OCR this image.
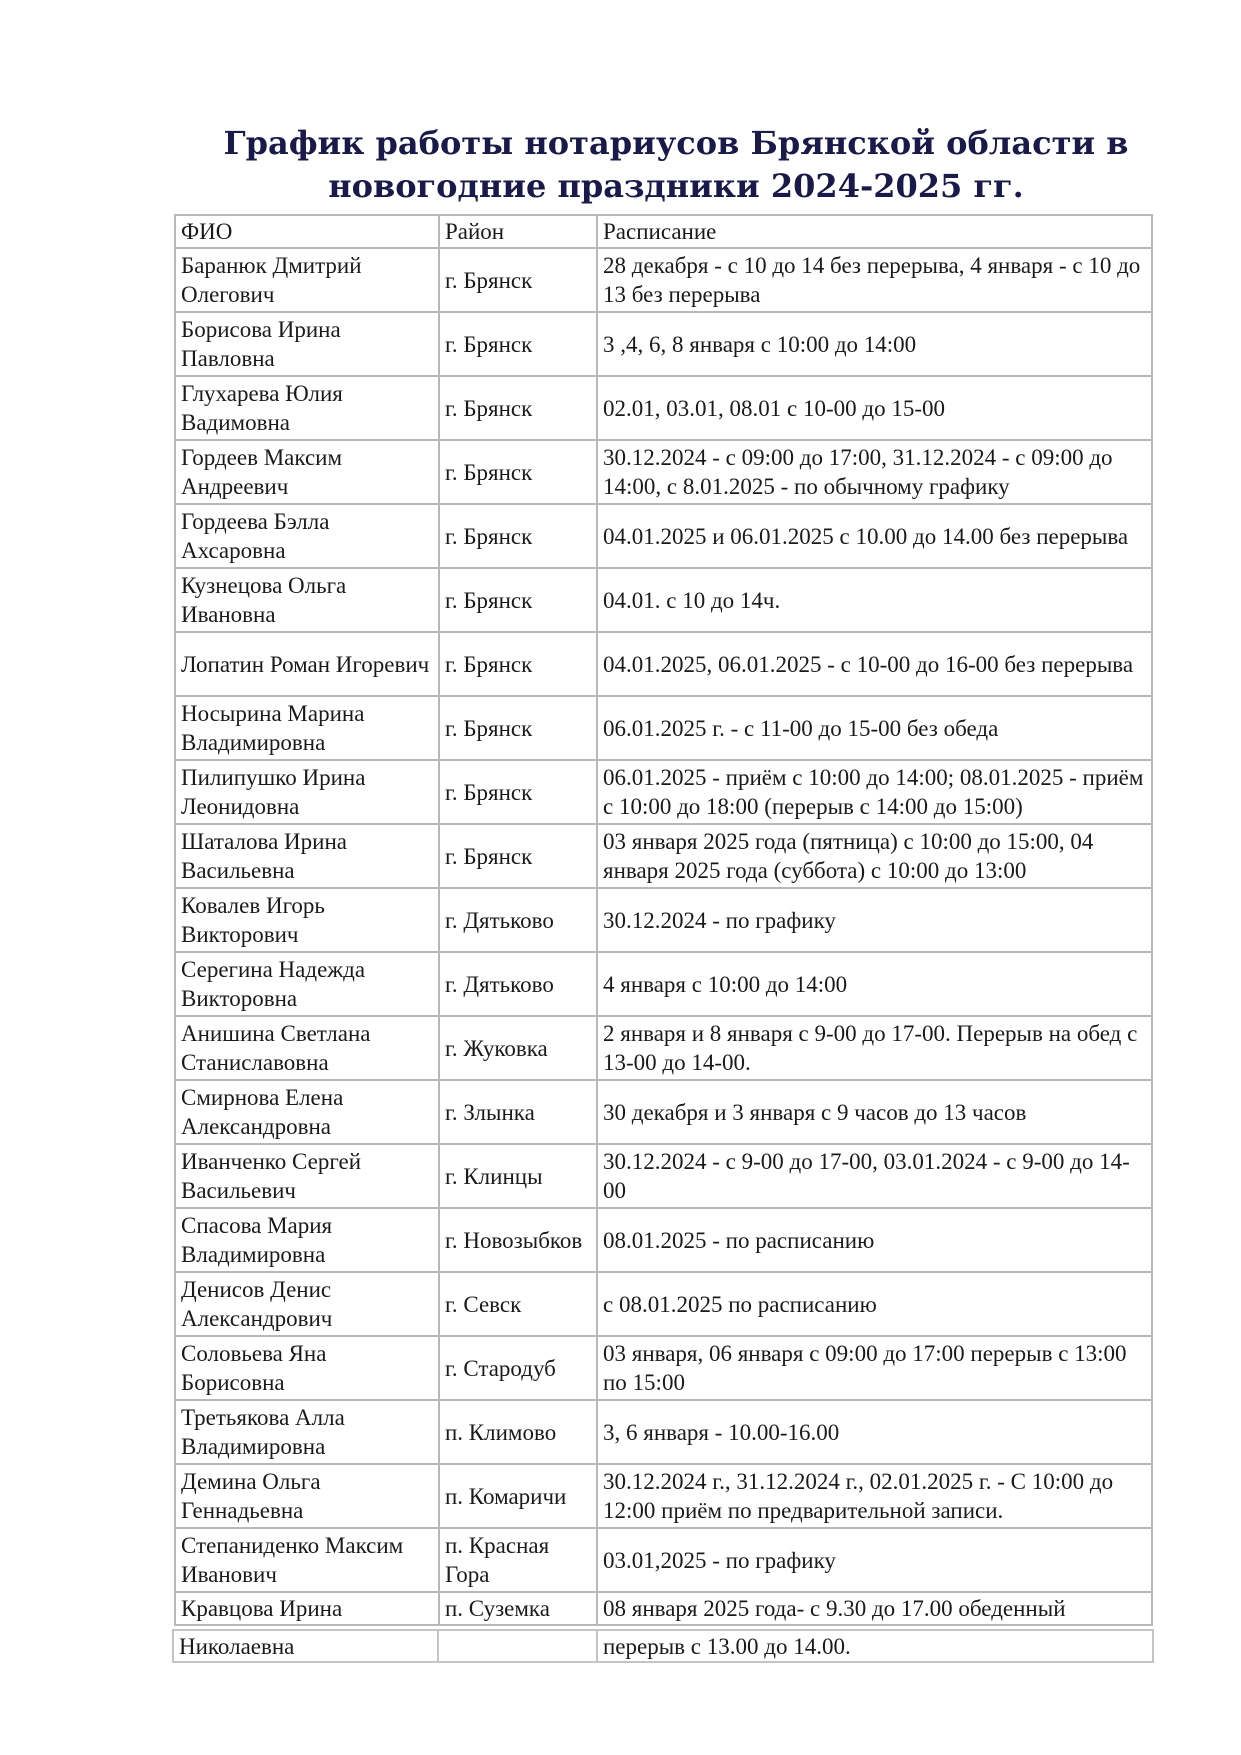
График работы нотариусов Брянской области в
новогодние праздники 2024-2025 гг.
ФИО	Район	Расписание
Баранюк Дмитрий Олегович	г. Брянск	28 декабря - с 10 до 14 без перерыва, 4 января - с 10 до 13 без перерыва
Борисова Ирина Павловна	г. Брянск	3 ,4, 6, 8 января с 10:00 до 14:00
Глухарева Юлия Вадимовна	г. Брянск	02.01, 03.01, 08.01 с 10-00 до 15-00
Гордеев Максим Андреевич	г. Брянск	30.12.2024 - с 09:00 до 17:00, 31.12.2024 - с 09:00 до 14:00, с 8.01.2025 - по обычному графику
Гордеева Бэлла Ахсаровна	г. Брянск	04.01.2025 и 06.01.2025 с 10.00 до 14.00 без перерыва
Кузнецова Ольга Ивановна	г. Брянск	04.01. с 10 до 14ч.
Лопатин Роман Игоревич	г. Брянск	04.01.2025, 06.01.2025 - с 10-00 до 16-00 без перерыва
Носырина Марина Владимировна	г. Брянск	06.01.2025 г. - с 11-00 до 15-00 без обеда
Пилипушко Ирина Леонидовна	г. Брянск	06.01.2025 - приём с 10:00 до 14:00; 08.01.2025 - приём с 10:00 до 18:00 (перерыв с 14:00 до 15:00)
Шаталова Ирина Васильевна	г. Брянск	03 января 2025 года (пятница) с 10:00 до 15:00, 04 января 2025 года (суббота) с 10:00 до 13:00
Ковалев Игорь Викторович	г. Дятьково	30.12.2024 - по графику
Серегина Надежда Викторовна	г. Дятьково	4 января с 10:00 до 14:00
Анишина Светлана Станиславовна	г. Жуковка	2 января и 8 января с 9-00 до 17-00. Перерыв на обед с 13-00 до 14-00.
Смирнова Елена Александровна	г. Злынка	30 декабря и 3 января с 9 часов до 13 часов
Иванченко Сергей Васильевич	г. Клинцы	30.12.2024 - с 9-00 до 17-00, 03.01.2024 - с 9-00 до 14-00
Спасова Мария Владимировна	г. Новозыбков	08.01.2025 - по расписанию
Денисов Денис Александрович	г. Севск	с 08.01.2025 по расписанию
Соловьева Яна Борисовна	г. Стародуб	03 января, 06 января с 09:00 до 17:00 перерыв с 13:00 по 15:00
Третьякова Алла Владимировна	п. Климово	3, 6 января - 10.00-16.00
Демина Ольга Геннадьевна	п. Комаричи	30.12.2024 г., 31.12.2024 г., 02.01.2025 г. - С 10:00 до 12:00 приём по предварительной записи.
Степаниденко Максим Иванович	п. Красная Гора	03.01,2025 - по графику
Кравцова Ирина	п. Суземка	08 января 2025 года- с 9.30 до 17.00 обеденный
Николаевна		перерыв с 13.00 до 14.00.
